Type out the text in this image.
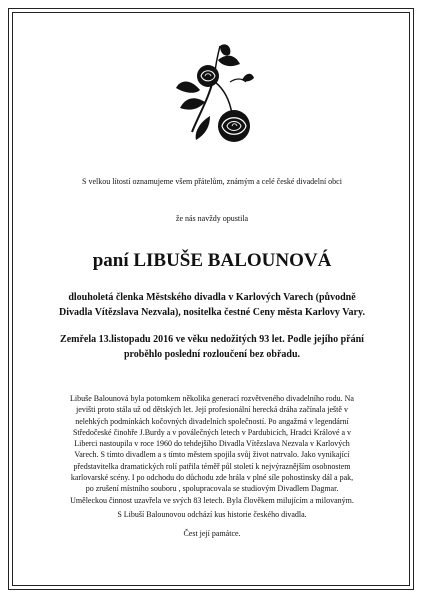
S velkou lítostí oznamujeme všem přátelům, známým a celé české divadelní obci
že nás navždy opustila
paní LIBUŠE BALOUNOVÁ
dlouholetá členka Městského divadla v Karlových Varech (původně
Divadla Vítězslava Nezvala), nositelka čestné Ceny města Karlovy Vary.
Zemřela 13.listopadu 2016 ve věku nedožitých 93 let. Podle jejího přání
proběhlo poslední rozloučení bez obřadu.
Libuše Balounová byla potomkem několika generací rozvětveného divadelního rodu. Na
jevišti proto stála už od dětských let. Její profesionální herecká dráha začínala ještě v
nelehkých podmínkách kočovných divadelních společností. Po angažmá v legendární
Středočeské činohře J.Burdy a v poválečných letech v Pardubicích, Hradci Králové a v
Liberci nastoupila v roce 1960 do tehdejšího Divadla Vítězslava Nezvala v Karlových
Varech. S tímto divadlem a s tímto městem spojila svůj život natrvalo. Jako vynikající
představitelka dramatických rolí patřila téměř půl století k nejvýraznějším osobnostem
karlovarské scény. I po odchodu do důchodu zde hrála v plné síle pohostinsky dál a pak,
po zrušení místního souboru , spolupracovala se studiovým Divadlem Dagmar.
Uměleckou činnost uzavřela ve svých 83 letech. Byla člověkem milujícím a milovaným.
S Libuší Balounovou odchází kus historie českého divadla.
Čest její památce.
